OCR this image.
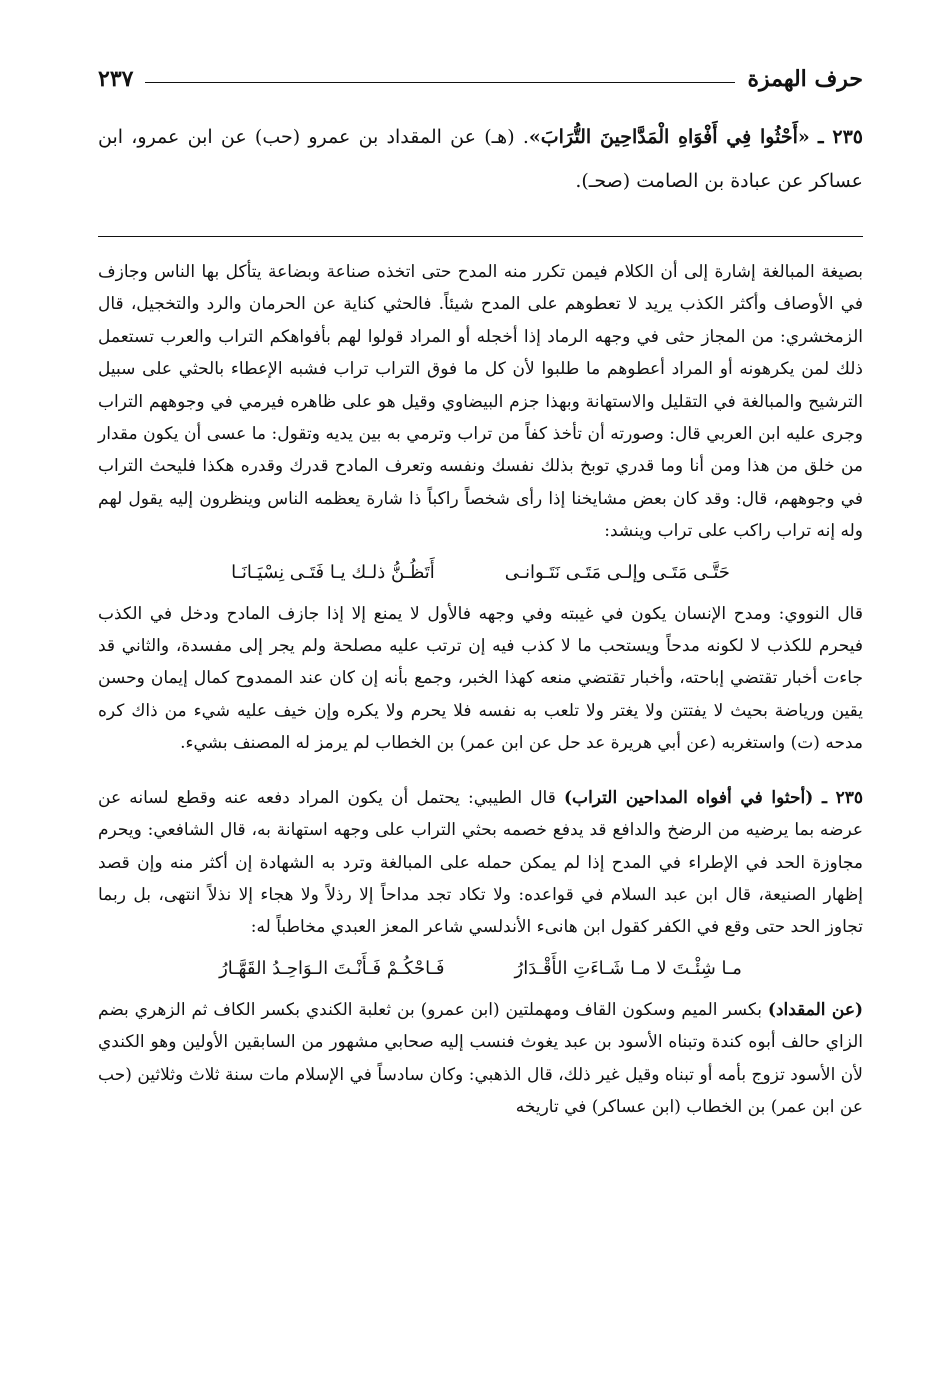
حرف الهمزة
٢٣٧
٢٣٥ ـ «أَحْثُوا فِي أَفْوَاهِ الْمَدَّاحِينَ التُّرَابَ». (هـ) عن المقداد بن عمرو (حب) عن ابن عمرو، ابن عساكر عن عبادة بن الصامت (صحـ).

بصيغة المبالغة إشارة إلى أن الكلام فيمن تكرر منه المدح حتى اتخذه صناعة وبضاعة يتأكل بها الناس وجازف في الأوصاف وأكثر الكذب يريد لا تعطوهم على المدح شيئاً. فالحثي كناية عن الحرمان والرد والتخجيل، قال الزمخشري: من المجاز حثى في وجهه الرماد إذا أخجله أو المراد قولوا لهم بأفواهكم التراب والعرب تستعمل ذلك لمن يكرهونه أو المراد أعطوهم ما طلبوا لأن كل ما فوق التراب تراب فشبه الإعطاء بالحثي على سبيل الترشيح والمبالغة في التقليل والاستهانة وبهذا جزم البيضاوي وقيل هو على ظاهره فيرمي في وجوههم التراب وجرى عليه ابن العربي قال: وصورته أن تأخذ كفاً من تراب وترمي به بين يديه وتقول: ما عسى أن يكون مقدار من خلق من هذا ومن أنا وما قدري توبخ بذلك نفسك ونفسه وتعرف المادح قدرك وقدره هكذا فليحث التراب في وجوههم، قال: وقد كان بعض مشايخنا إذا رأى شخصاً راكباً ذا شارة يعظمه الناس وينظرون إليه يقول لهم وله إنه تراب راكب على تراب وينشد:

حَتَّـى مَتَـى وإلـى مَتَـى نَتَـوانـى
أَتَظُـنُّ ذلـك يـا فَتَـى نِسْيَـانَـا

قال النووي: ومدح الإنسان يكون في غيبته وفي وجهه فالأول لا يمنع إلا إذا جازف المادح ودخل في الكذب فيحرم للكذب لا لكونه مدحاً ويستحب ما لا كذب فيه إن ترتب عليه مصلحة ولم يجر إلى مفسدة، والثاني قد جاءت أخبار تقتضي إباحته، وأخبار تقتضي منعه كهذا الخبر، وجمع بأنه إن كان عند الممدوح كمال إيمان وحسن يقين ورياضة بحيث لا يفتتن ولا يغتر ولا تلعب به نفسه فلا يحرم ولا يكره وإن خيف عليه شيء من ذاك كره مدحه (ت) واستغربه (عن أبي هريرة عد حل عن ابن عمر) بن الخطاب لم يرمز له المصنف بشيء.

٢٣٥ ـ (أحثوا في أفواه المداحين التراب) قال الطيبي: يحتمل أن يكون المراد دفعه عنه وقطع لسانه عن عرضه بما يرضيه من الرضخ والدافع قد يدفع خصمه بحثي التراب على وجهه استهانة به، قال الشافعي: ويحرم مجاوزة الحد في الإطراء في المدح إذا لم يمكن حمله على المبالغة وترد به الشهادة إن أكثر منه وإن قصد إظهار الصنيعة، قال ابن عبد السلام في قواعده: ولا تكاد تجد مداحاً إلا رذلاً ولا هجاء إلا نذلاً انتهى، بل ربما تجاوز الحد حتى وقع في الكفر كقول ابن هانىء الأندلسي شاعر المعز العبدي مخاطباً له:

مـا شِئْـتَ لا مـا شَـاءَتِ الأَقْـدَارُ
فَـاحْكُـمْ فَـأَنْـتَ الـوَاحِـدُ القَهَّـارُ

(عن المقداد) بكسر الميم وسكون القاف ومهملتين (ابن عمرو) بن ثعلبة الكندي بكسر الكاف ثم الزهري بضم الزاي حالف أبوه كندة وتبناه الأسود بن عبد يغوث فنسب إليه صحابي مشهور من السابقين الأولين وهو الكندي لأن الأسود تزوج بأمه أو تبناه وقيل غير ذلك، قال الذهبي: وكان سادساً في الإسلام مات سنة ثلاث وثلاثين (حب عن ابن عمر) بن الخطاب (ابن عساكر) في تاريخه
